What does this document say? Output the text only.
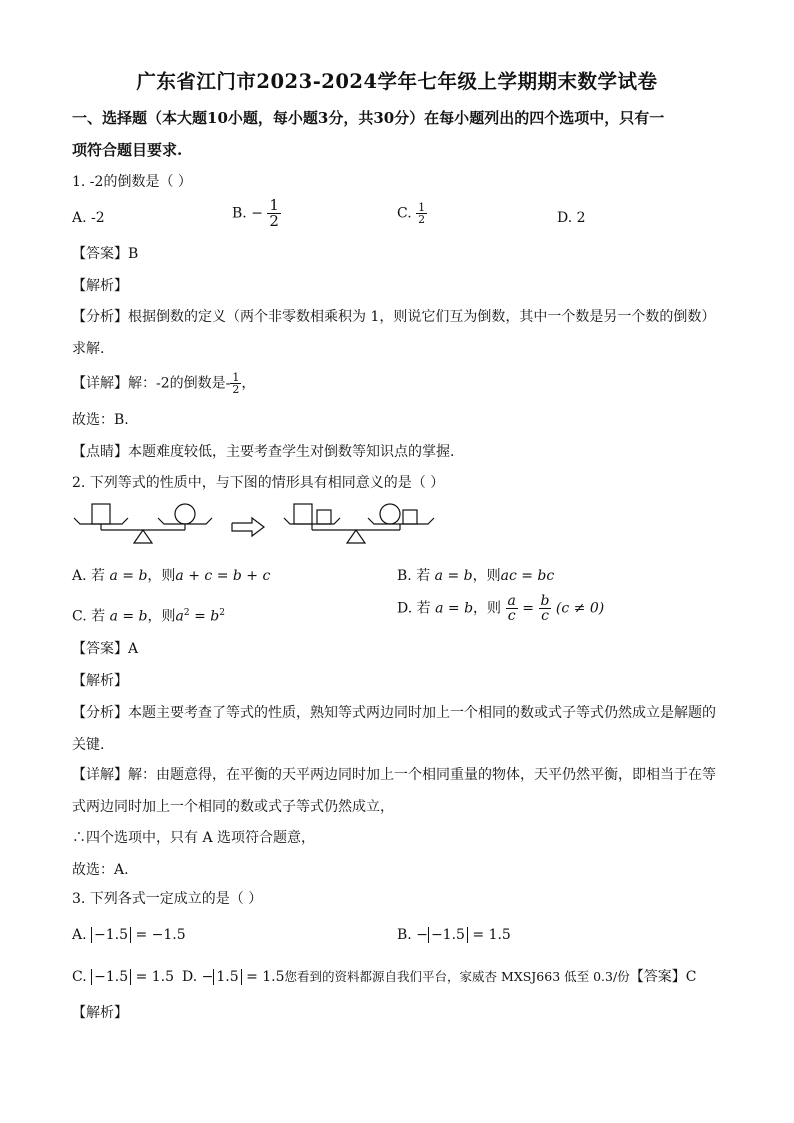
广东省江门市2023-2024学年七年级上学期期末数学试卷
一、选择题（本大题10小题，每小题3分，共30分）在每小题列出的四个选项中，只有一
项符合题目要求.
1. -2的倒数是（ ）
A. -2	B. − $\frac{1}{2}$	C. $\frac{1}{2}$	D. 2
【答案】B
【解析】
【分析】根据倒数的定义（两个非零数相乘积为 1，则说它们互为倒数，其中一个数是另一个数的倒数）
求解.
【详解】解：-2的倒数是- $\frac{1}{2}$ ，
故选：B.
【点睛】本题难度较低，主要考查学生对倒数等知识点的掌握.
2. 下列等式的性质中，与下图的情形具有相同意义的是（ ）
A. 若 a = b，则a + c = b + c	B. 若 a = b，则ac = bc
C. 若 a = b，则$a^2 = b^2$	D. 若 a = b，则 $\frac{a}{c} = \frac{b}{c} (c \ne 0)$
【答案】A
【解析】
【分析】本题主要考查了等式的性质，熟知等式两边同时加上一个相同的数或式子等式仍然成立是解题的
关键.
【详解】解：由题意得，在平衡的天平两边同时加上一个相同重量的物体，天平仍然平衡，即相当于在等
式两边同时加上一个相同的数或式子等式仍然成立，
∴四个选项中，只有 A 选项符合题意，
故选：A.
3. 下列各式一定成立的是（ ）
A. −1.5 = −1.5	B. − −1.5 = 1.5
C. −1.5 = 1.5 D. − 1.5 = 1.5您看到的资料都源自我们平台，家威杏 MXSJ663 低至 0.3/份【答案】C
【解析】
